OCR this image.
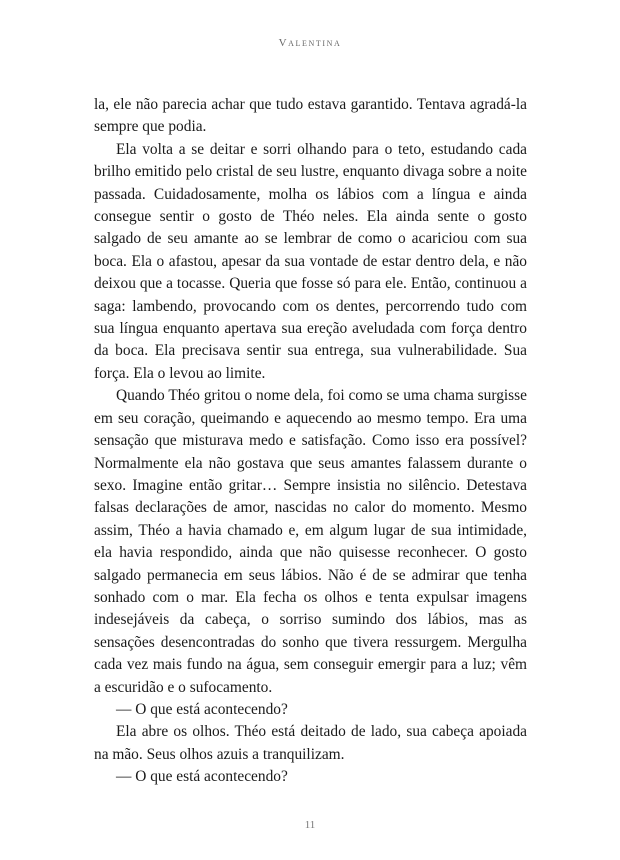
Valentina

la, ele não parecia achar que tudo estava garantido. Tentava agradá-la sempre que podia.

Ela volta a se deitar e sorri olhando para o teto, estudando cada brilho emitido pelo cristal de seu lustre, enquanto divaga sobre a noite passada. Cuidadosamente, molha os lábios com a língua e ainda consegue sentir o gosto de Théo neles. Ela ainda sente o gosto salgado de seu amante ao se lembrar de como o acariciou com sua boca. Ela o afastou, apesar da sua vontade de estar dentro dela, e não deixou que a tocasse. Queria que fosse só para ele. Então, continuou a saga: lambendo, provocando com os dentes, percorrendo tudo com sua língua enquanto apertava sua ereção aveludada com força dentro da boca. Ela precisava sentir sua entrega, sua vulnerabilidade. Sua força. Ela o levou ao limite.

Quando Théo gritou o nome dela, foi como se uma chama surgisse em seu coração, queimando e aquecendo ao mesmo tempo. Era uma sensação que misturava medo e satisfação. Como isso era possível? Normalmente ela não gostava que seus amantes falassem durante o sexo. Imagine então gritar… Sempre insistia no silêncio. Detestava falsas declarações de amor, nascidas no calor do momento. Mesmo assim, Théo a havia chamado e, em algum lugar de sua intimidade, ela havia respondido, ainda que não quisesse reconhecer. O gosto salgado permanecia em seus lábios. Não é de se admirar que tenha sonhado com o mar. Ela fecha os olhos e tenta expulsar imagens indesejáveis da cabeça, o sorriso sumindo dos lábios, mas as sensações desencontradas do sonho que tivera ressurgem. Mergulha cada vez mais fundo na água, sem conseguir emergir para a luz; vêm a escuridão e o sufocamento.

— O que está acontecendo?

Ela abre os olhos. Théo está deitado de lado, sua cabeça apoiada na mão. Seus olhos azuis a tranquilizam.

— O que está acontecendo?

11
